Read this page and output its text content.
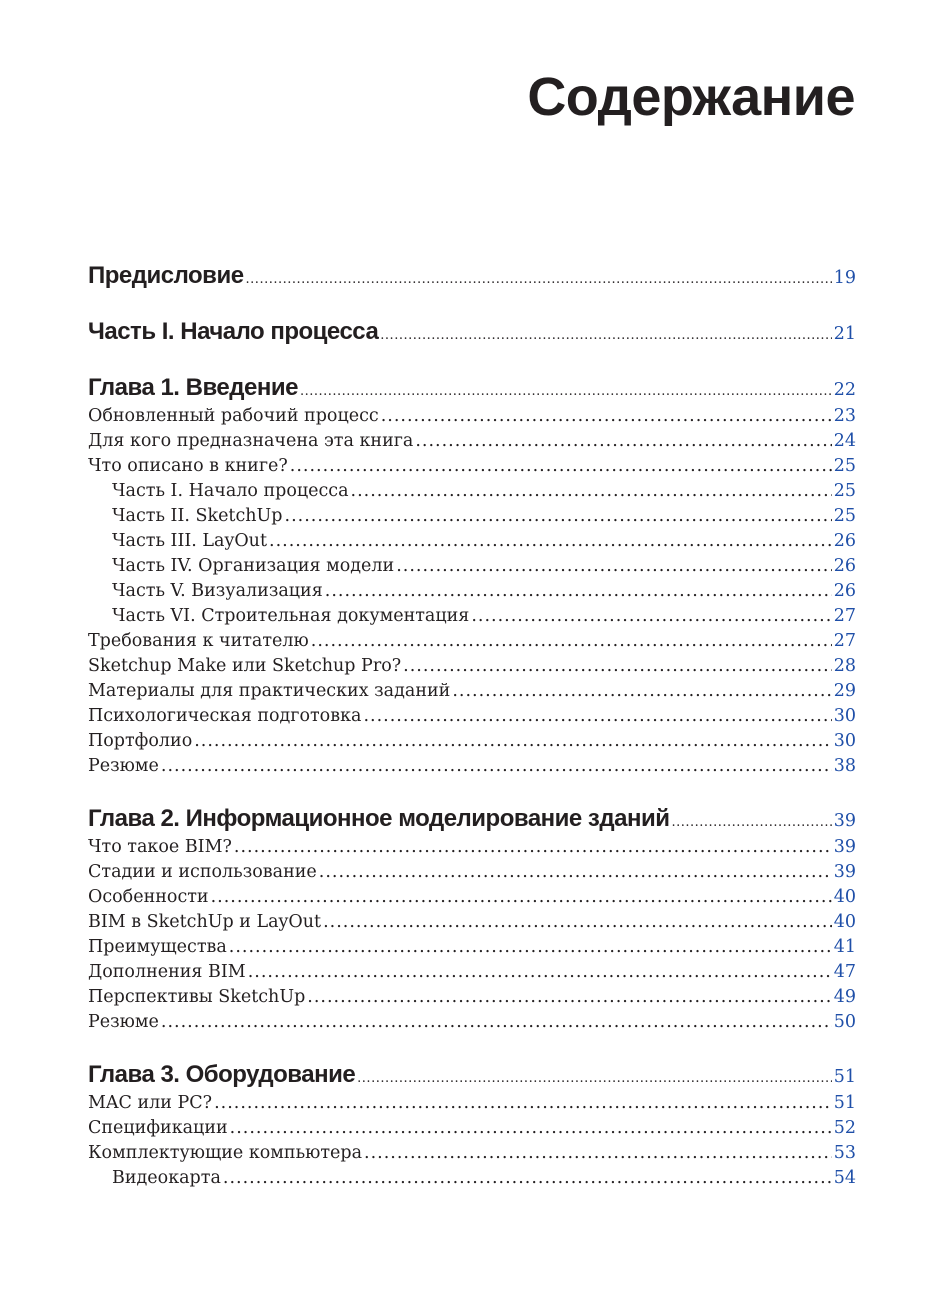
Содержание
Предисловие .....	19
Часть I. Начало процесса .....	21
Глава 1. Введение .....	22
Обновленный рабочий процесс .....	23
Для кого предназначена эта книга .....	24
Что описано в книге? .....	25
Часть I. Начало процесса .....	25
Часть II. SketchUp .....	25
Часть III. LayOut .....	26
Часть IV. Организация модели .....	26
Часть V. Визуализация .....	26
Часть VI. Строительная документация .....	27
Требования к читателю .....	27
Sketchup Make или Sketchup Pro? .....	28
Материалы для практических заданий .....	29
Психологическая подготовка .....	30
Портфолио .....	30
Резюме .....	38
Глава 2. Информационное моделирование зданий .....	39
Что такое BIM? .....	39
Стадии и использование .....	39
Особенности .....	40
BIM в SketchUp и LayOut .....	40
Преимущества .....	41
Дополнения BIM .....	47
Перспективы SketchUp .....	49
Резюме .....	50
Глава 3. Оборудование .....	51
MAC или PC? .....	51
Спецификации .....	52
Комплектующие компьютера .....	53
Видеокарта .....	54
